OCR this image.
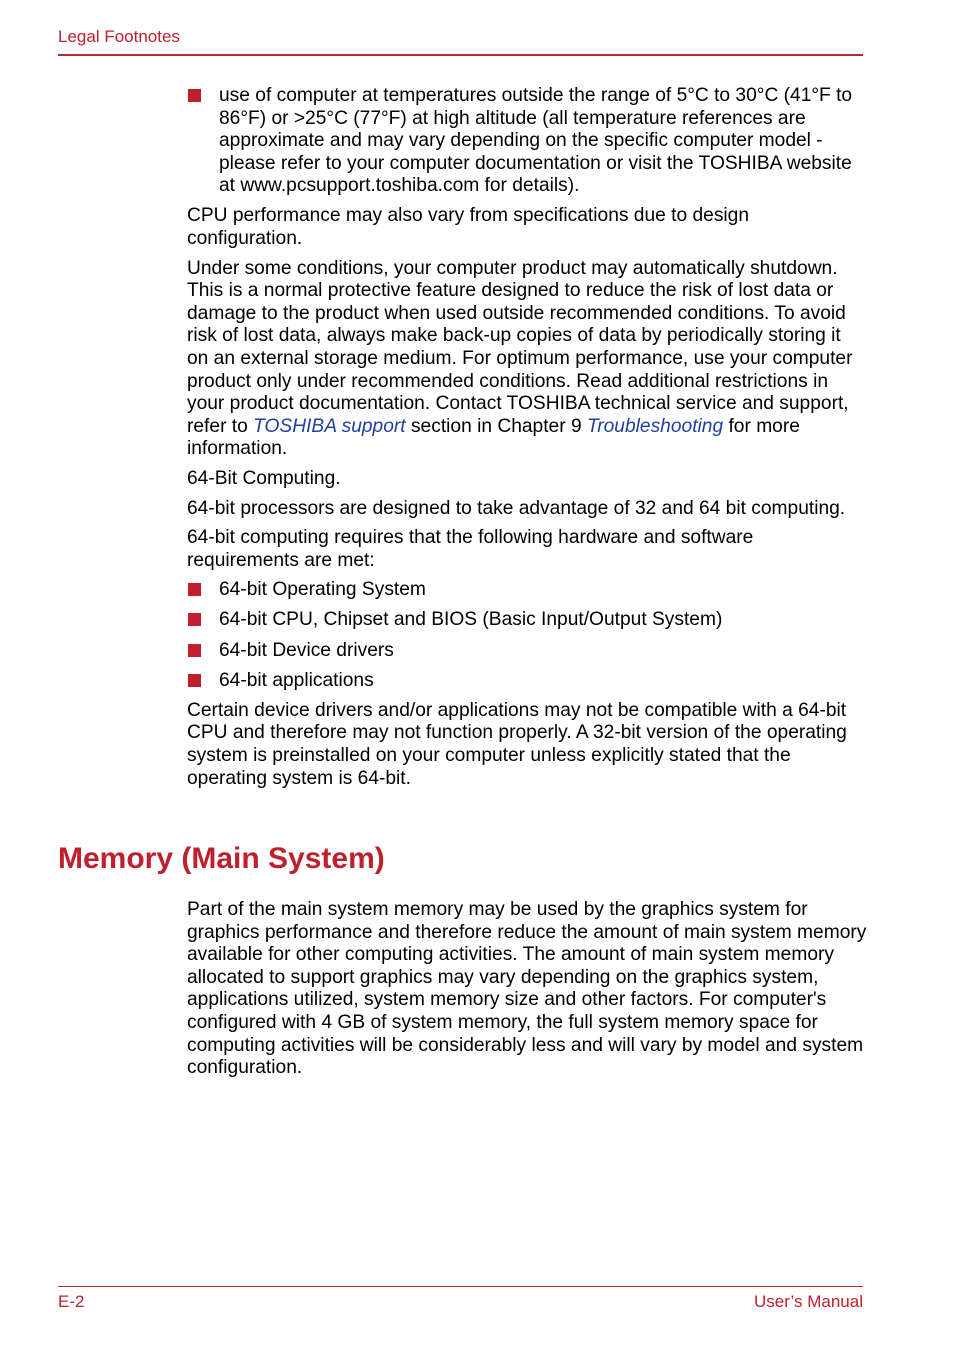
Legal Footnotes
use of computer at temperatures outside the range of 5°C to 30°C (41°F to 86°F) or >25°C (77°F) at high altitude (all temperature references are approximate and may vary depending on the specific computer model - please refer to your computer documentation or visit the TOSHIBA website at www.pcsupport.toshiba.com for details).

CPU performance may also vary from specifications due to design configuration.

Under some conditions, your computer product may automatically shutdown. This is a normal protective feature designed to reduce the risk of lost data or damage to the product when used outside recommended conditions. To avoid risk of lost data, always make back-up copies of data by periodically storing it on an external storage medium. For optimum performance, use your computer product only under recommended conditions. Read additional restrictions in your product documentation. Contact TOSHIBA technical service and support, refer to TOSHIBA support section in Chapter 9 Troubleshooting for more information.

64-Bit Computing.

64-bit processors are designed to take advantage of 32 and 64 bit computing.

64-bit computing requires that the following hardware and software requirements are met:

64-bit Operating System
64-bit CPU, Chipset and BIOS (Basic Input/Output System)
64-bit Device drivers
64-bit applications

Certain device drivers and/or applications may not be compatible with a 64-bit CPU and therefore may not function properly. A 32-bit version of the operating system is preinstalled on your computer unless explicitly stated that the operating system is 64-bit.

Memory (Main System)

Part of the main system memory may be used by the graphics system for graphics performance and therefore reduce the amount of main system memory available for other computing activities. The amount of main system memory allocated to support graphics may vary depending on the graphics system, applications utilized, system memory size and other factors. For computer's configured with 4 GB of system memory, the full system memory space for computing activities will be considerably less and will vary by model and system configuration.

E-2	User’s Manual
